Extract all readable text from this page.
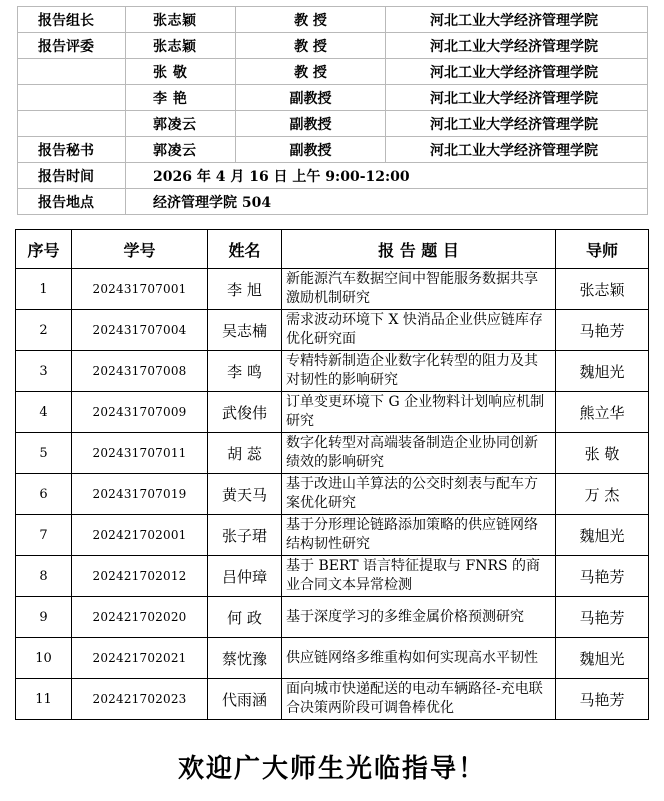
报告组长	张志颖	教 授	河北工业大学经济管理学院
报告评委	张志颖	教 授	河北工业大学经济管理学院
	张 敬	教 授	河北工业大学经济管理学院
	李 艳	副教授	河北工业大学经济管理学院
	郭凌云	副教授	河北工业大学经济管理学院
报告秘书	郭凌云	副教授	河北工业大学经济管理学院
报告时间	2026 年 4 月 16 日 上午 9:00-12:00		
报告地点	经济管理学院 504		
序号	学号	姓名	报 告 题 目	导师
1	202431707001	李 旭	新能源汽车数据空间中智能服务数据共享激励机制研究	张志颖
2	202431707004	吴志楠	需求波动环境下 X 快消品企业供应链库存优化研究面	马艳芳
3	202431707008	李 鸣	专精特新制造企业数字化转型的阻力及其对韧性的影响研究	魏旭光
4	202431707009	武俊伟	订单变更环境下 G 企业物料计划响应机制研究	熊立华
5	202431707011	胡 蕊	数字化转型对高端装备制造企业协同创新绩效的影响研究	张 敬
6	202431707019	黄天马	基于改进山羊算法的公交时刻表与配车方案优化研究	万 杰
7	202421702001	张子珺	基于分形理论链路添加策略的供应链网络结构韧性研究	魏旭光
8	202421702012	吕仲璋	基于 BERT 语言特征提取与 FNRS 的商业合同文本异常检测	马艳芳
9	202421702020	何 政	基于深度学习的多维金属价格预测研究	马艳芳
10	202421702021	蔡忱豫	供应链网络多维重构如何实现高水平韧性	魏旭光
11	202421702023	代雨涵	面向城市快递配送的电动车辆路径-充电联合决策两阶段可调鲁棒优化	马艳芳
欢迎广大师生光临指导！
